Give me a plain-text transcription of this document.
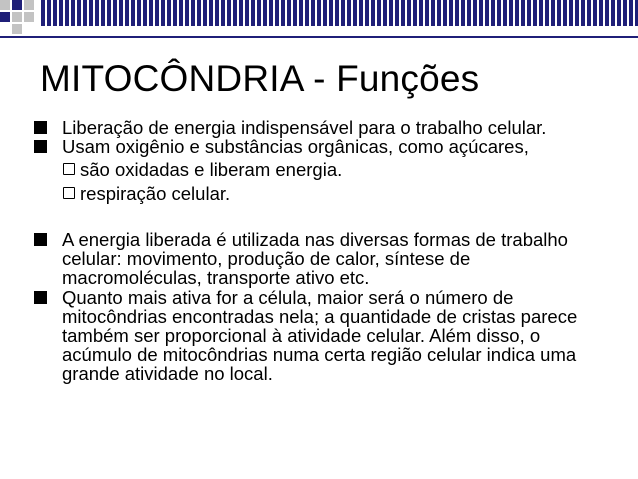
MITOCÔNDRIA - Funções
Liberação de energia indispensável para o trabalho celular.
Usam oxigênio e substâncias orgânicas, como açúcares,
são oxidadas e liberam energia.
respiração celular.
A energia liberada é utilizada nas diversas formas de trabalho celular: movimento, produção de calor, síntese de macromoléculas, transporte ativo etc.
Quanto mais ativa for a célula, maior será o número de mitocôndrias encontradas nela; a quantidade de cristas parece também ser proporcional à atividade celular. Além disso, o acúmulo de mitocôndrias numa certa região celular indica uma grande atividade no local.
